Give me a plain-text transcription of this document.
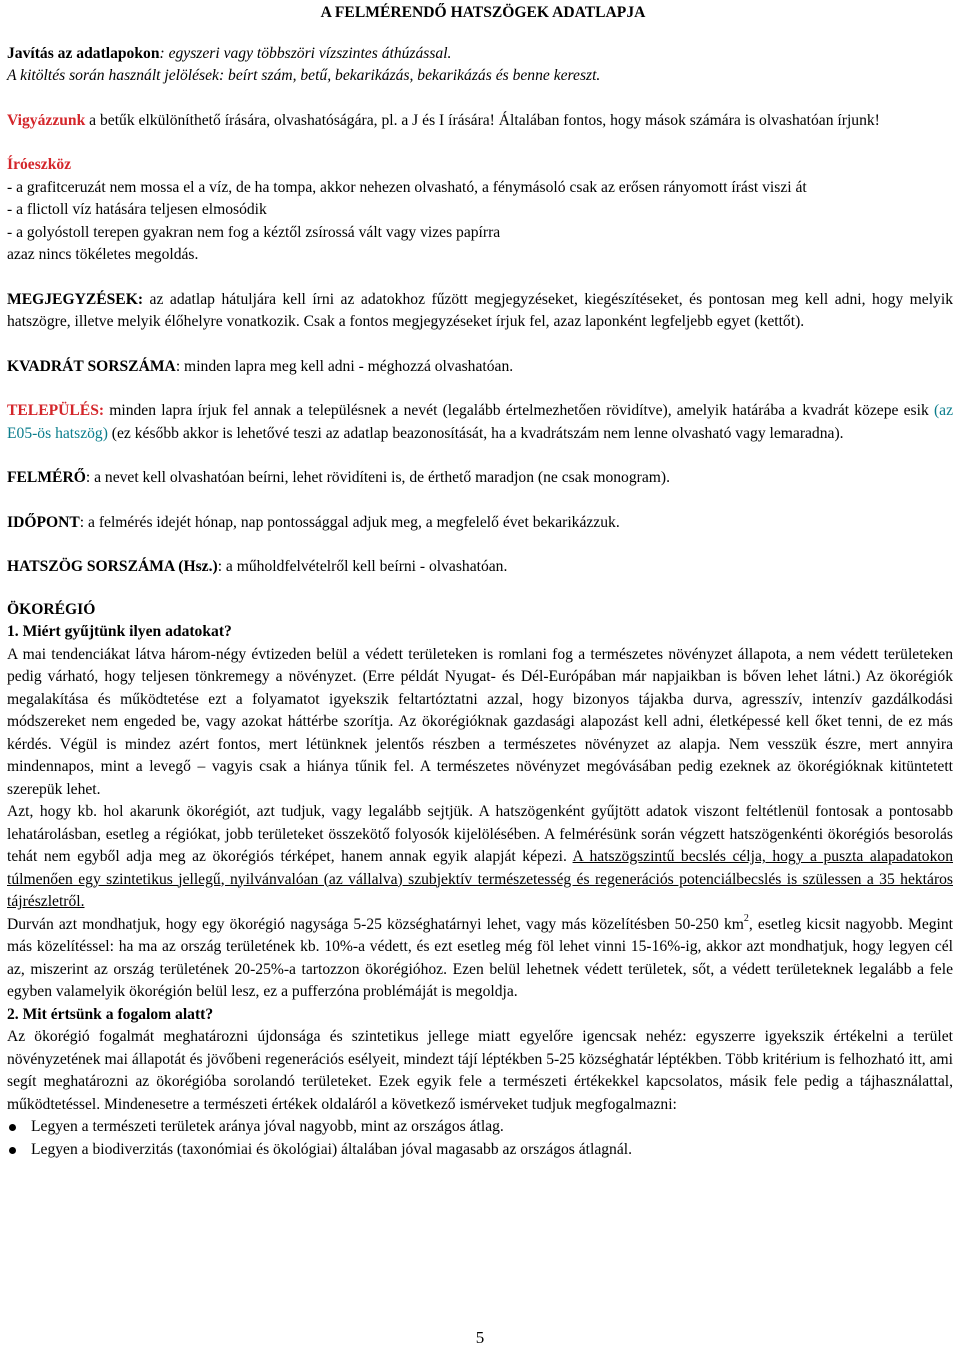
A FELMÉRENDŐ HATSZÖGEK ADATLAPJA

Javítás az adatlapokon: egyszeri vagy többszöri vízszintes áthúzással.

A kitöltés során használt jelölések: beírt szám, betű, bekarikázás, bekarikázás és benne kereszt.

Vigyázzunk a betűk elkülöníthető írására, olvashatóságára, pl. a J és I írására! Általában fontos, hogy mások számára is olvashatóan írjunk!

Íróeszköz

- a grafitceruzát nem mossa el a víz, de ha tompa, akkor nehezen olvasható, a fénymásoló csak az erősen rányomott írást viszi át

- a flictoll víz hatására teljesen elmosódik

- a golyóstoll terepen gyakran nem fog a kéztől zsírossá vált vagy vizes papírra

azaz nincs tökéletes megoldás.

MEGJEGYZÉSEK: az adatlap hátuljára kell írni az adatokhoz fűzött megjegyzéseket, kiegészítéseket, és pontosan meg kell adni, hogy melyik hatszögre, illetve melyik élőhelyre vonatkozik. Csak a fontos megjegyzéseket írjuk fel, azaz laponként legfeljebb egyet (kettőt).

KVADRÁT SORSZÁMA: minden lapra meg kell adni - méghozzá olvashatóan.

TELEPÜLÉS: minden lapra írjuk fel annak a településnek a nevét (legalább értelmezhetően rövidítve), amelyik határába a kvadrát közepe esik (az E05-ös hatszög) (ez később akkor is lehetővé teszi az adatlap beazonosítását, ha a kvadrátszám nem lenne olvasható vagy lemaradna).

FELMÉRŐ: a nevet kell olvashatóan beírni, lehet rövidíteni is, de érthető maradjon (ne csak monogram).

IDŐPONT: a felmérés idejét hónap, nap pontossággal adjuk meg, a megfelelő évet bekarikázzuk.

HATSZÖG SORSZÁMA (Hsz.): a műholdfelvételről kell beírni - olvashatóan.

ÖKORÉGIÓ

1. Miért gyűjtünk ilyen adatokat?

A mai tendenciákat látva három-négy évtizeden belül a védett területeken is romlani fog a természetes növényzet állapota, a nem védett területeken pedig várható, hogy teljesen tönkremegy a növényzet. (Erre példát Nyugat- és Dél-Európában már napjaikban is bőven lehet látni.) Az ökorégiók megalakítása és működtetése ezt a folyamatot igyekszik feltartóztatni azzal, hogy bizonyos tájakba durva, agresszív, intenzív gazdálkodási módszereket nem engeded be, vagy azokat háttérbe szorítja. Az ökorégióknak gazdasági alapozást kell adni, életképessé kell őket tenni, de ez más kérdés. Végül is mindez azért fontos, mert létünknek jelentős részben a természetes növényzet az alapja. Nem vesszük észre, mert annyira mindennapos, mint a levegő – vagyis csak a hiánya tűnik fel. A természetes növényzet megóvásában pedig ezeknek az ökorégióknak kitüntetett szerepük lehet.

Azt, hogy kb. hol akarunk ökorégiót, azt tudjuk, vagy legalább sejtjük. A hatszögenként gyűjtött adatok viszont feltétlenül fontosak a pontosabb lehatárolásban, esetleg a régiókat, jobb területeket összekötő folyosók kijelölésében. A felmérésünk során végzett hatszögenkénti ökorégiós besorolás tehát nem egyből adja meg az ökorégiós térképet, hanem annak egyik alapját képezi. A hatszögszintű becslés célja, hogy a puszta alapadatokon túlmenően egy szintetikus jellegű, nyilvánvalóan (az vállalva) szubjektív természetesség és regenerációs potenciálbecslés is szülessen a 35 hektáros tájrészletről.

Durván azt mondhatjuk, hogy egy ökorégió nagysága 5-25 községhatárnyi lehet, vagy más közelítésben 50-250 $km^2$, esetleg kicsit nagyobb. Megint más közelítéssel: ha ma az ország területének kb. 10%-a védett, és ezt esetleg még föl lehet vinni 15-16%-ig, akkor azt mondhatjuk, hogy legyen cél az, miszerint az ország területének 20-25%-a tartozzon ökorégióhoz. Ezen belül lehetnek védett területek, sőt, a védett területeknek legalább a fele egyben valamelyik ökorégión belül lesz, ez a pufferzóna problémáját is megoldja.

2. Mit értsünk a fogalom alatt?

Az ökorégió fogalmát meghatározni újdonsága és szintetikus jellege miatt egyelőre igencsak nehéz: egyszerre igyekszik értékelni a terület növényzetének mai állapotát és jövőbeni regenerációs esélyeit, mindezt tájí léptékben 5-25 községhatár léptékben. Több kritérium is felhozható itt, ami segít meghatározni az ökorégióba sorolandó területeket. Ezek egyik fele a természeti értékekkel kapcsolatos, másik fele pedig a tájhasználattal, működtetéssel. Mindenesetre a természeti értékek oldaláról a következő ismérveket tudjuk megfogalmazni:

Legyen a természeti területek aránya jóval nagyobb, mint az országos átlag.
Legyen a biodiverzitás (taxonómiai és ökológiai) általában jóval magasabb az országos átlagnál.
5
